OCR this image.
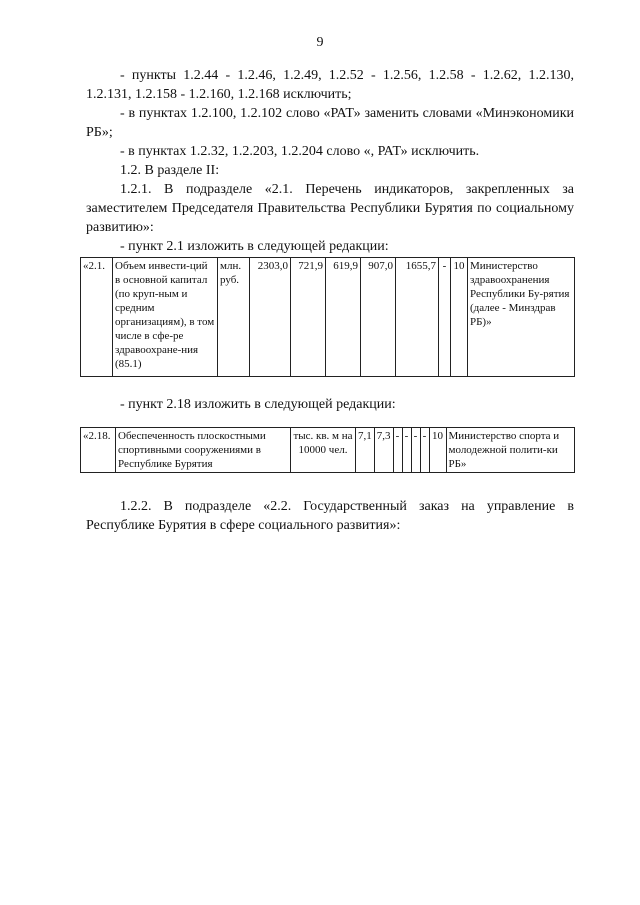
9

- пункты 1.2.44 - 1.2.46, 1.2.49, 1.2.52 - 1.2.56, 1.2.58 - 1.2.62, 1.2.130, 1.2.131, 1.2.158 - 1.2.160, 1.2.168 исключить;

- в пунктах 1.2.100, 1.2.102 слово «РАТ» заменить словами «Минэкономики РБ»;

- в пунктах 1.2.32, 1.2.203, 1.2.204 слово «, РАТ» исключить.

1.2. В разделе II:

1.2.1. В подразделе «2.1. Перечень индикаторов, закрепленных за заместителем Председателя Правительства Республики Бурятия по социальному развитию»:

- пункт 2.1 изложить в следующей редакции:

«2.1.	Объем инвести-ций в основной капитал (по круп-ным и средним организациям), в том числе в сфе-ре здравоохране-ния (85.1)	млн. руб.	2303,0	721,9	619,9	907,0	1655,7	-	10	Министерство здравоохранения Республики Бу-рятия (далее - Минздрав РБ)»

- пункт 2.18 изложить в следующей редакции:

«2.18.	Обеспеченность плоскостными спортивными сооружениями в Республике Бурятия	тыс. кв. м на 10000 чел.	7,1	7,3	-	-	-	-	10	Министерство спорта и молодежной полити-ки РБ»

1.2.2. В подразделе «2.2. Государственный заказ на управление в Республике Бурятия в сфере социального развития»:
